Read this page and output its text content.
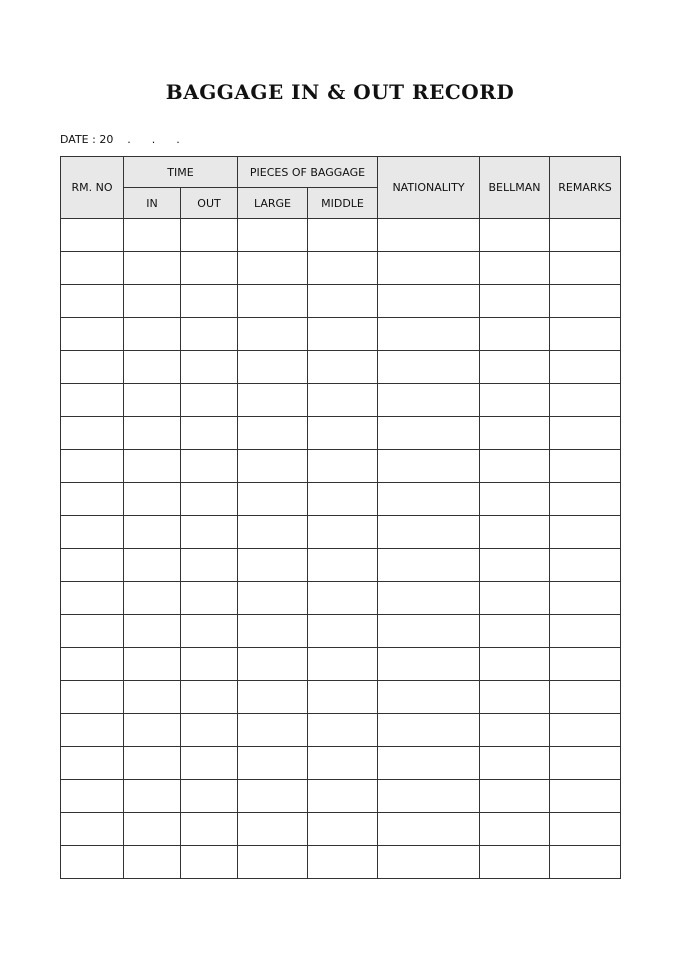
BAGGAGE IN & OUT RECORD
DATE : 20    .      .      .
RM. NO	TIME		PIECES OF BAGGAGE		NATIONALITY	BELLMAN	REMARKS
	IN	OUT	LARGE	MIDDLE			
